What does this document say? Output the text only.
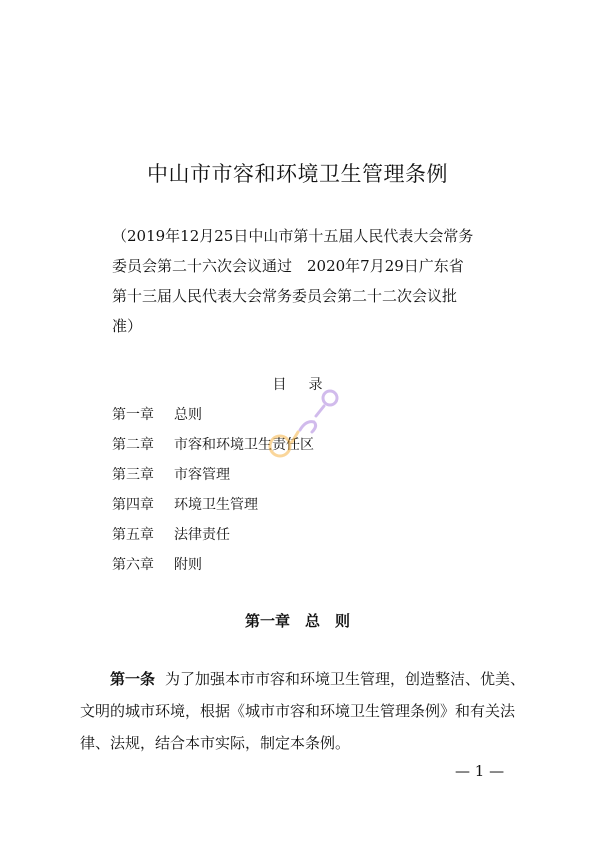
中山市市容和环境卫生管理条例
（2019年12月25日中山市第十五届人民代表大会常务
委员会第二十六次会议通过　2020年7月29日广东省
第十三届人民代表大会常务委员会第二十二次会议批
准）
目录
第一章 总则
第二章 市容和环境卫生责任区
第三章 市容管理
第四章 环境卫生管理
第五章 法律责任
第六章 附则
第一章　总　则
第一条 为了加强本市市容和环境卫生管理，创造整洁、优美、
文明的城市环境，根据《城市市容和环境卫生管理条例》和有关法
律、法规，结合本市实际，制定本条例。
— 1 —
